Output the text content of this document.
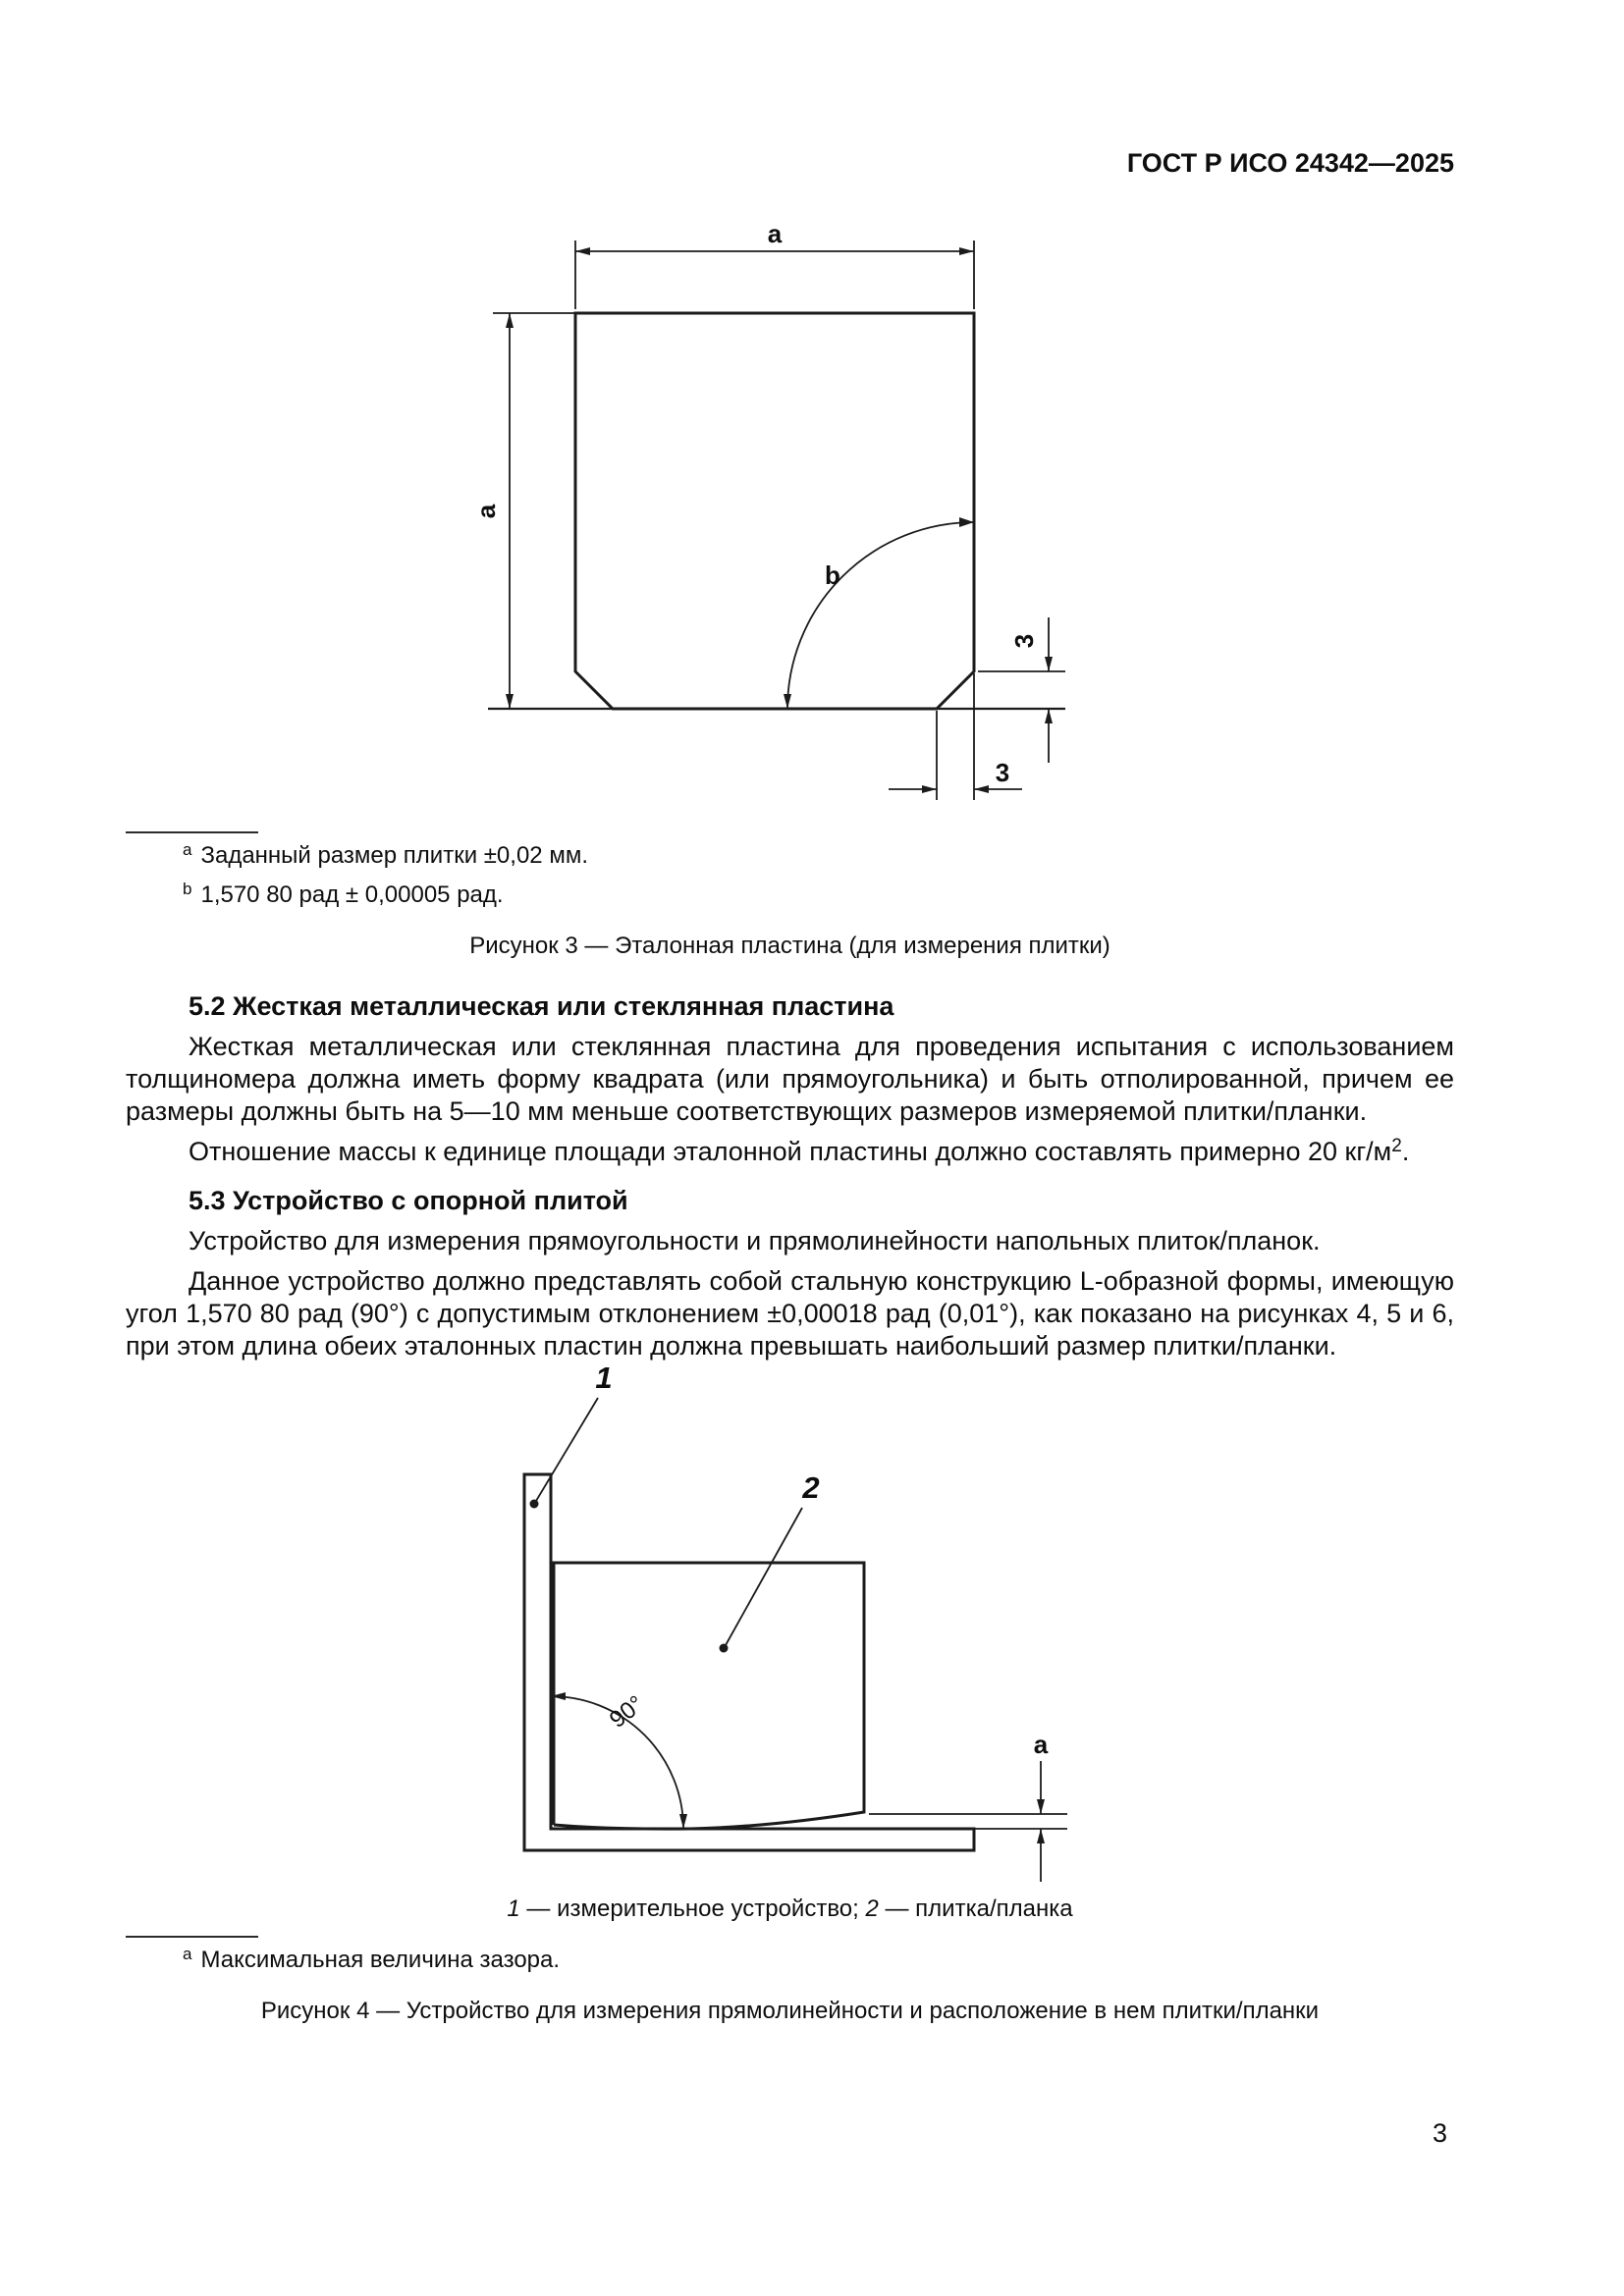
ГОСТ Р ИСО 24342—2025
a
a
b
3
3
$^a$ Заданный размер плитки ±0,02 мм.
$^b$ 1,570 80 рад ± 0,00005 рад.
Рисунок 3 — Эталонная пластина (для измерения плитки)
5.2 Жесткая металлическая или стеклянная пластина

Жесткая металлическая или стеклянная пластина для проведения испытания с использованием толщиномера должна иметь форму квадрата (или прямоугольника) и быть отполированной, причем ее размеры должны быть на 5—10 мм меньше соответствующих размеров измеряемой плитки/планки.

Отношение массы к единице площади эталонной пластины должно составлять примерно 20 $кг/м^2$.

5.3 Устройство с опорной плитой

Устройство для измерения прямоугольности и прямолинейности напольных плиток/планок.

Данное устройство должно представлять собой стальную конструкцию L-образной формы, имеющую угол 1,570 80 рад (90°) с допустимым отклонением ±0,00018 рад (0,01°), как показано на рисунках 4, 5 и 6, при этом длина обеих эталонных пластин должна превышать наибольший размер плитки/планки.

1
2
90°
a
1 — измерительное устройство; 2 — плитка/планка
$^a$ Максимальная величина зазора.
Рисунок 4 — Устройство для измерения прямолинейности и расположение в нем плитки/планки
3
